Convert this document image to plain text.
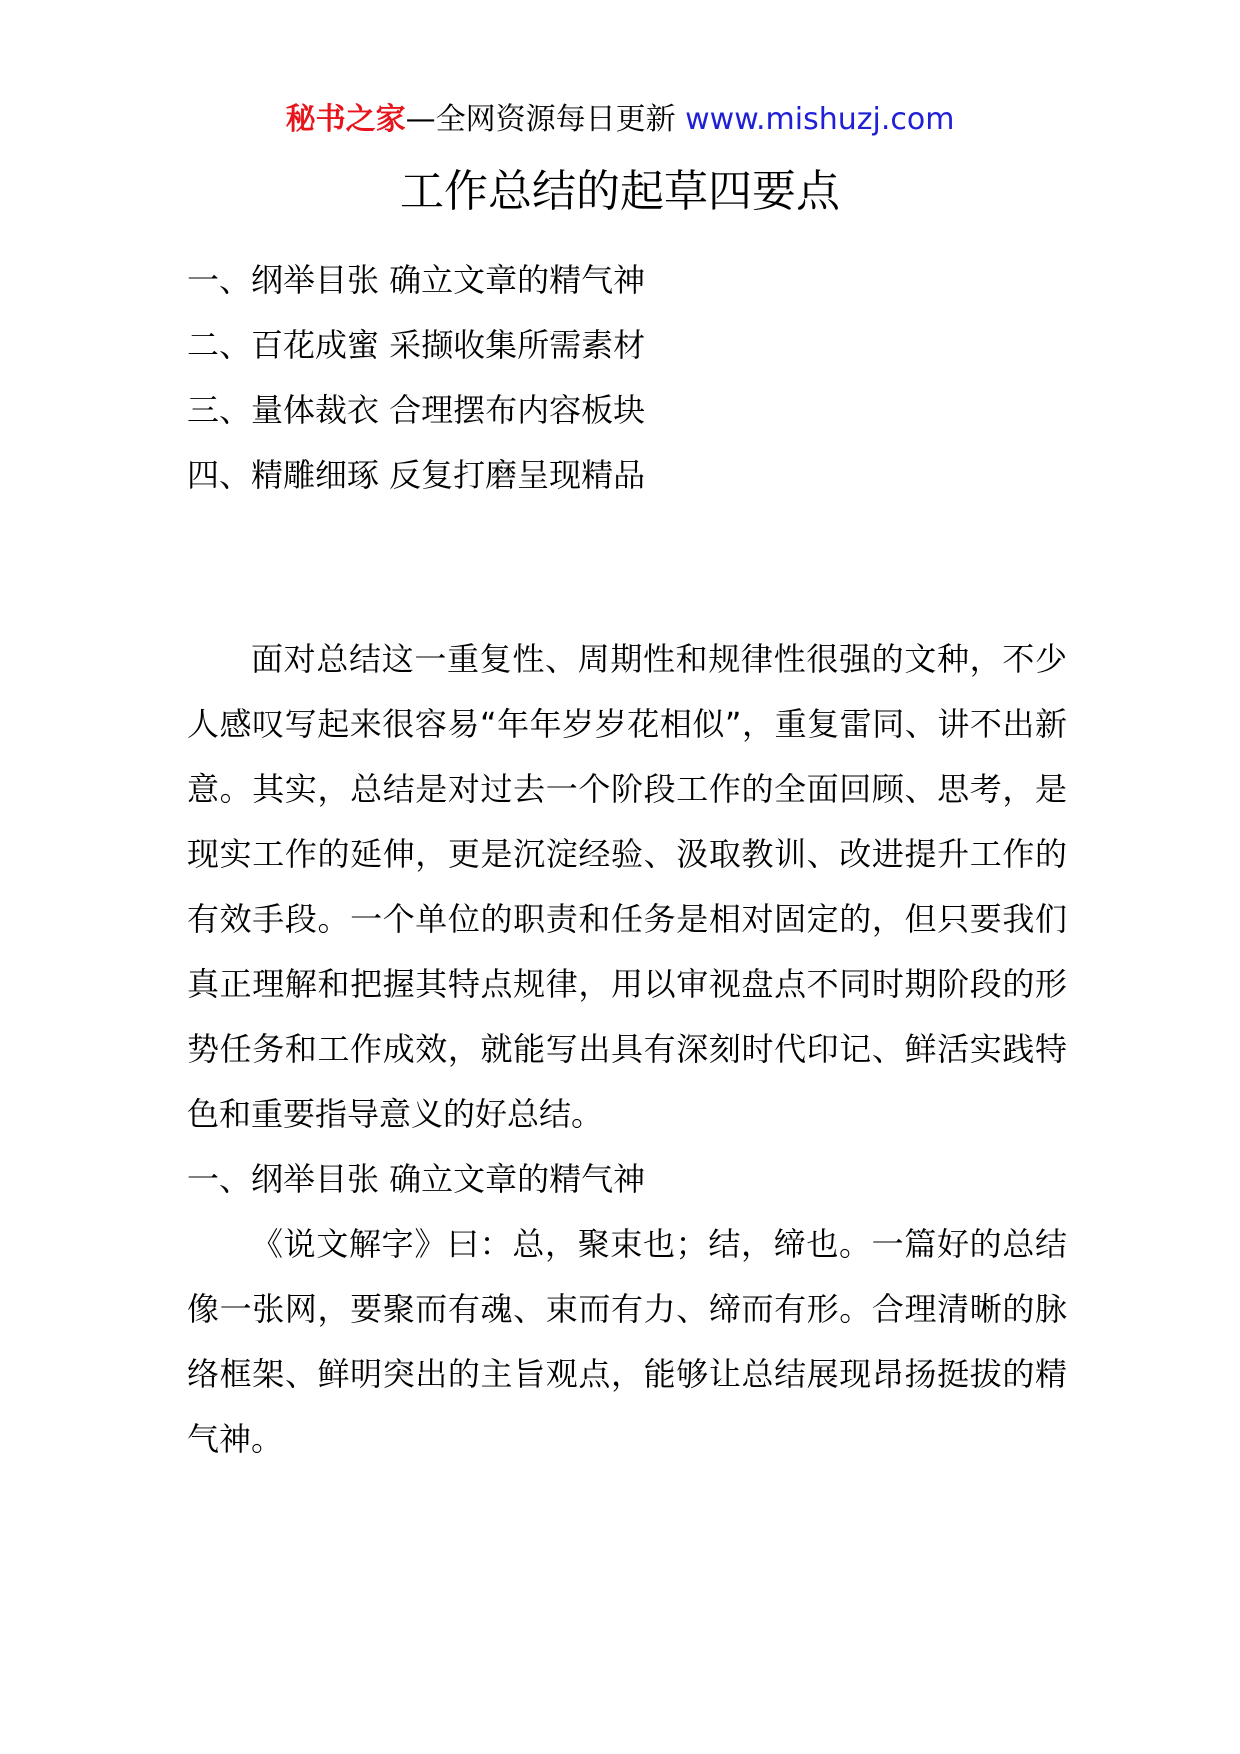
秘书之家—全网资源每日更新 www.mishuzj.com
工作总结的起草四要点
一、纲举目张 确立文章的精气神
二、百花成蜜 采撷收集所需素材
三、量体裁衣 合理摆布内容板块
四、精雕细琢 反复打磨呈现精品

面对总结这一重复性、周期性和规律性很强的文种，不少人感叹写起来很容易“年年岁岁花相似”，重复雷同、讲不出新意。其实，总结是对过去一个阶段工作的全面回顾、思考，是现实工作的延伸，更是沉淀经验、汲取教训、改进提升工作的有效手段。一个单位的职责和任务是相对固定的，但只要我们真正理解和把握其特点规律，用以审视盘点不同时期阶段的形势任务和工作成效，就能写出具有深刻时代印记、鲜活实践特色和重要指导意义的好总结。

一、纲举目张 确立文章的精气神

《说文解字》曰：总，聚束也；结，缔也。一篇好的总结像一张网，要聚而有魂、束而有力、缔而有形。合理清晰的脉络框架、鲜明突出的主旨观点，能够让总结展现昂扬挺拔的精气神。
